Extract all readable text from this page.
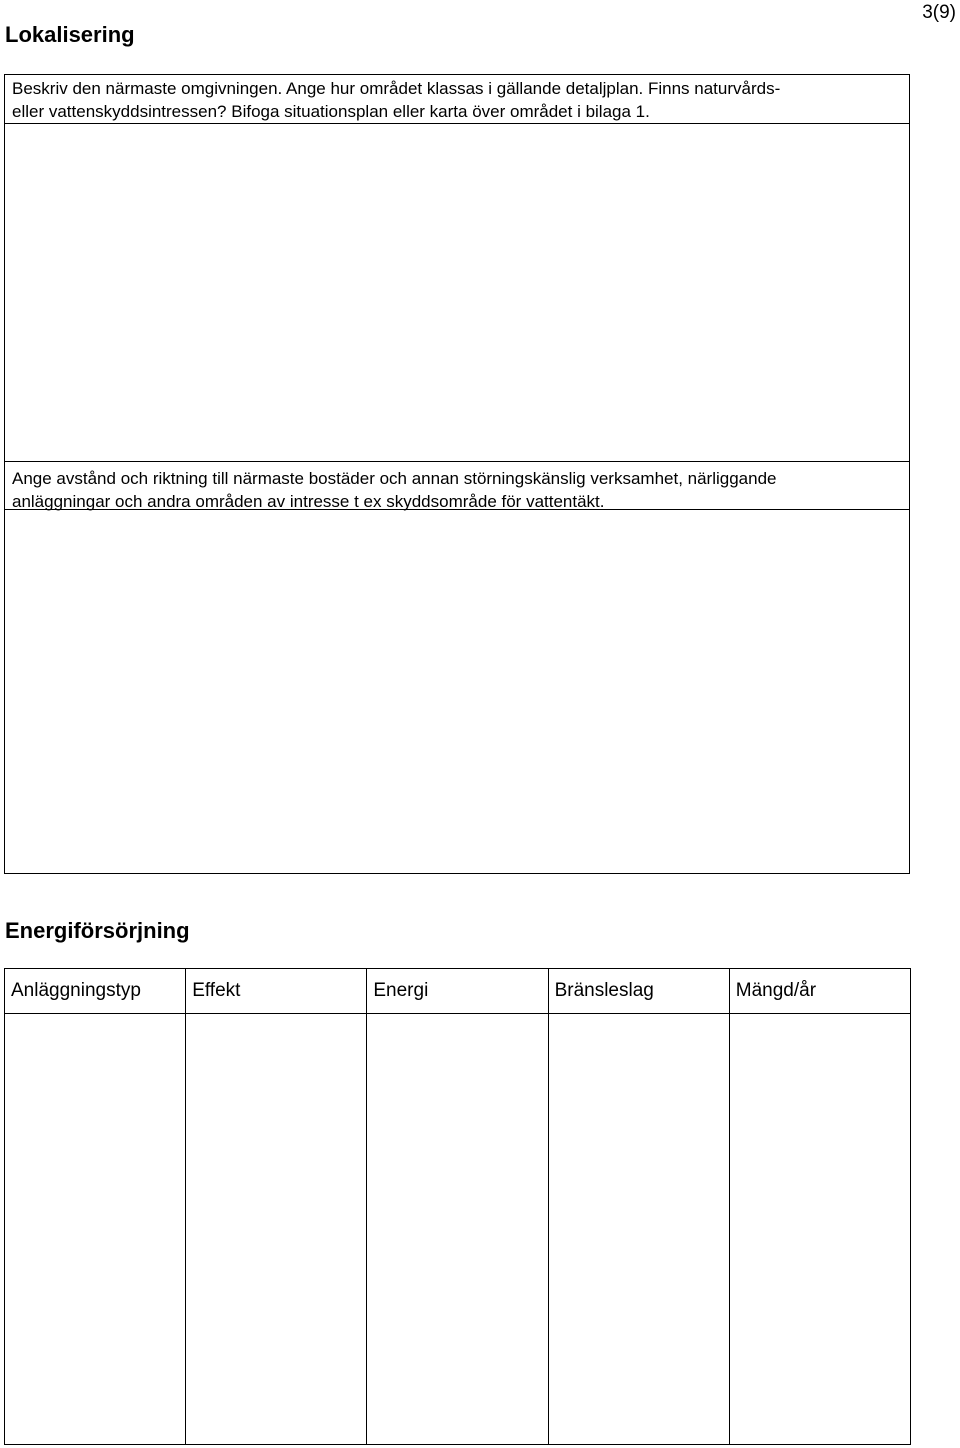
3(9)
Lokalisering
Beskriv den närmaste omgivningen. Ange hur området klassas i gällande detaljplan. Finns naturvårds-
eller vattenskyddsintressen? Bifoga situationsplan eller karta över området i bilaga 1.
Ange avstånd och riktning till närmaste bostäder och annan störningskänslig verksamhet, närliggande
anläggningar och andra områden av intresse t ex skyddsområde för vattentäkt.
Energiförsörjning
Anläggningstyp	Effekt	Energi	Bränsleslag	Mängd/år
